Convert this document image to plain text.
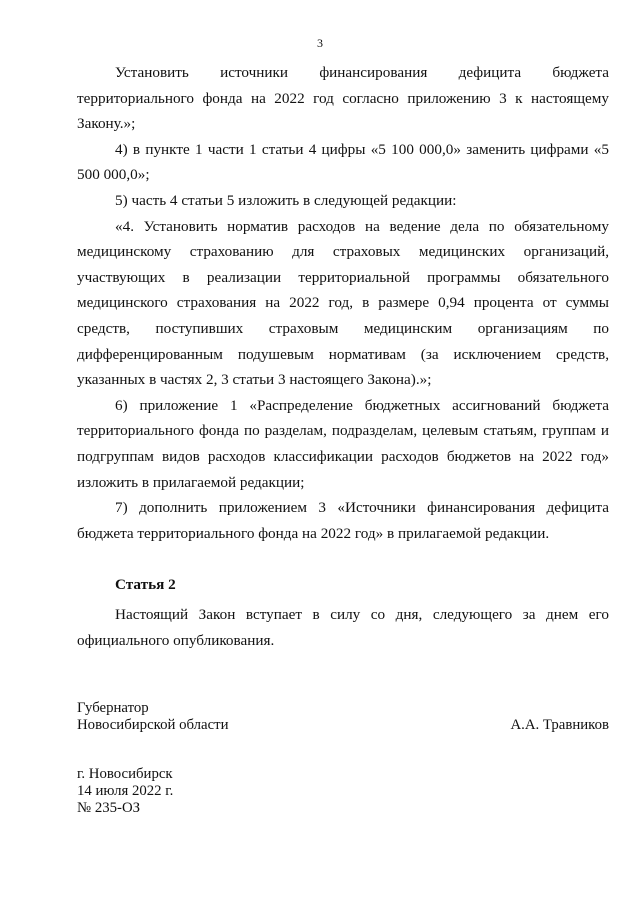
3

Установить источники финансирования дефицита бюджета территориального фонда на 2022 год согласно приложению 3 к настоящему Закону.»;

4) в пункте 1 части 1 статьи 4 цифры «5 100 000,0» заменить цифрами «5 500 000,0»;

5) часть 4 статьи 5 изложить в следующей редакции:

«4. Установить норматив расходов на ведение дела по обязательному медицинскому страхованию для страховых медицинских организаций, участвующих в реализации территориальной программы обязательного медицинского страхования на 2022 год, в размере 0,94 процента от суммы средств, поступивших страховым медицинским организациям по дифференцированным подушевым нормативам (за исключением средств, указанных в частях 2, 3 статьи 3 настоящего Закона).»;

6) приложение 1 «Распределение бюджетных ассигнований бюджета территориального фонда по разделам, подразделам, целевым статьям, группам и подгруппам видов расходов классификации расходов бюджетов на 2022 год» изложить в прилагаемой редакции;

7) дополнить приложением 3 «Источники финансирования дефицита бюджета территориального фонда на 2022 год» в прилагаемой редакции.

Статья 2

Настоящий Закон вступает в силу со дня, следующего за днем его официального опубликования.

Губернатор
Новосибирской области	А.А. Травников
г. Новосибирск
14 июля 2022 г.
№ 235-ОЗ
